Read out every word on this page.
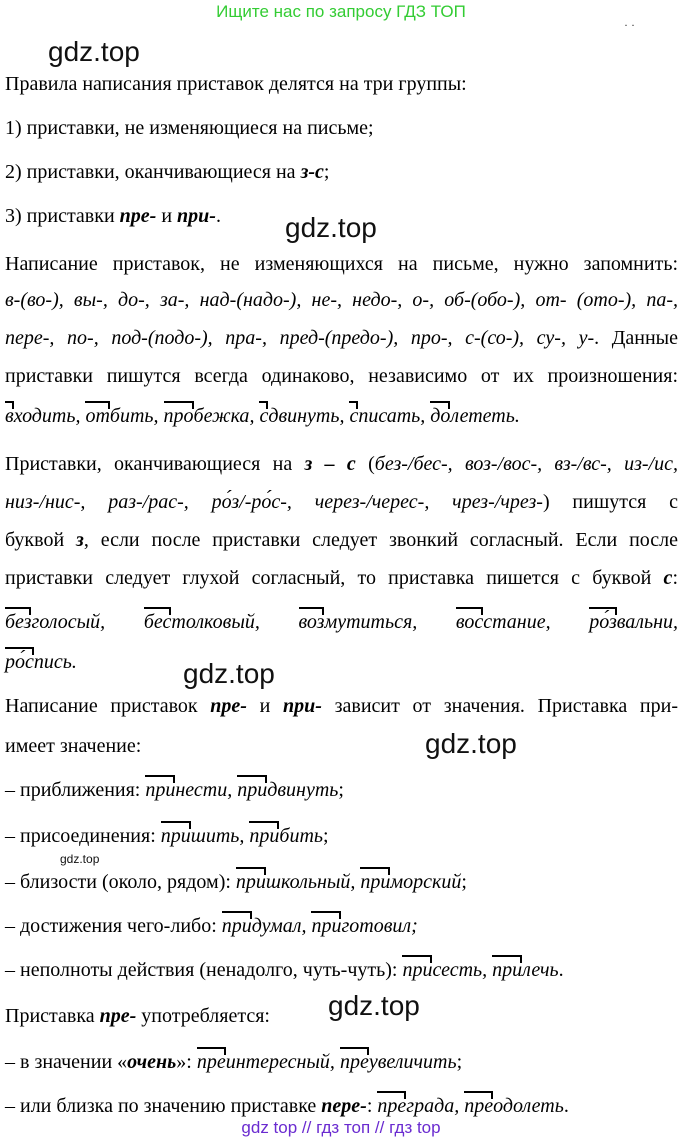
Ищите нас по запросу ГДЗ ТОП
· ·
gdz.top
gdz.top
gdz.top
gdz.top
gdz.top
gdz.top
Правила написания приставок делятся на три группы:
1) приставки, не изменяющиеся на письме;
2) приставки, оканчивающиеся на з-с;
3) приставки пре- и при-.
Написание приставок, не изменяющихся на письме, нужно запомнить:
в-(во-), вы-, до-, за-, над-(надо-), не-, недо-, о-, об-(обо-), от- (ото-), па-,
пере-, по-, под-(подо-), пра-, пред-(предо-), про-, с-(со-), су-, у-. Данные
приставки пишутся всегда одинаково, независимо от их произношения:
входить, отбить, пробежка, сдвинуть, списать, долететь.
Приставки, оканчивающиеся на з – с (без-/бес-, воз-/вос-, вз-/вс-, из-/ис,
низ-/нис-, раз-/рас-, ро́з/-ро́с-, через-/черес-, чрез-/чрез-) пишутся с
буквой з, если после приставки следует звонкий согласный. Если после
приставки следует глухой согласный, то приставка пишется с буквой с:
безголосый, бестолковый, возмутиться, восстание, ро́звальни,
ро́спись.
Написание приставок пре- и при- зависит от значения. Приставка при-
имеет значение:
– приближения: принести, придвинуть;
– присоединения: пришить, прибить;
– близости (около, рядом): пришкольный, приморский;
– достижения чего-либо: придумал, приготовил;
– неполноты действия (ненадолго, чуть-чуть): присесть, прилечь.
Приставка пре- употребляется:
– в значении «очень»: преинтересный, преувеличить;
– или близка по значению приставке пере-: преграда, преодолеть.
gdz top // гдз топ // гдз top
